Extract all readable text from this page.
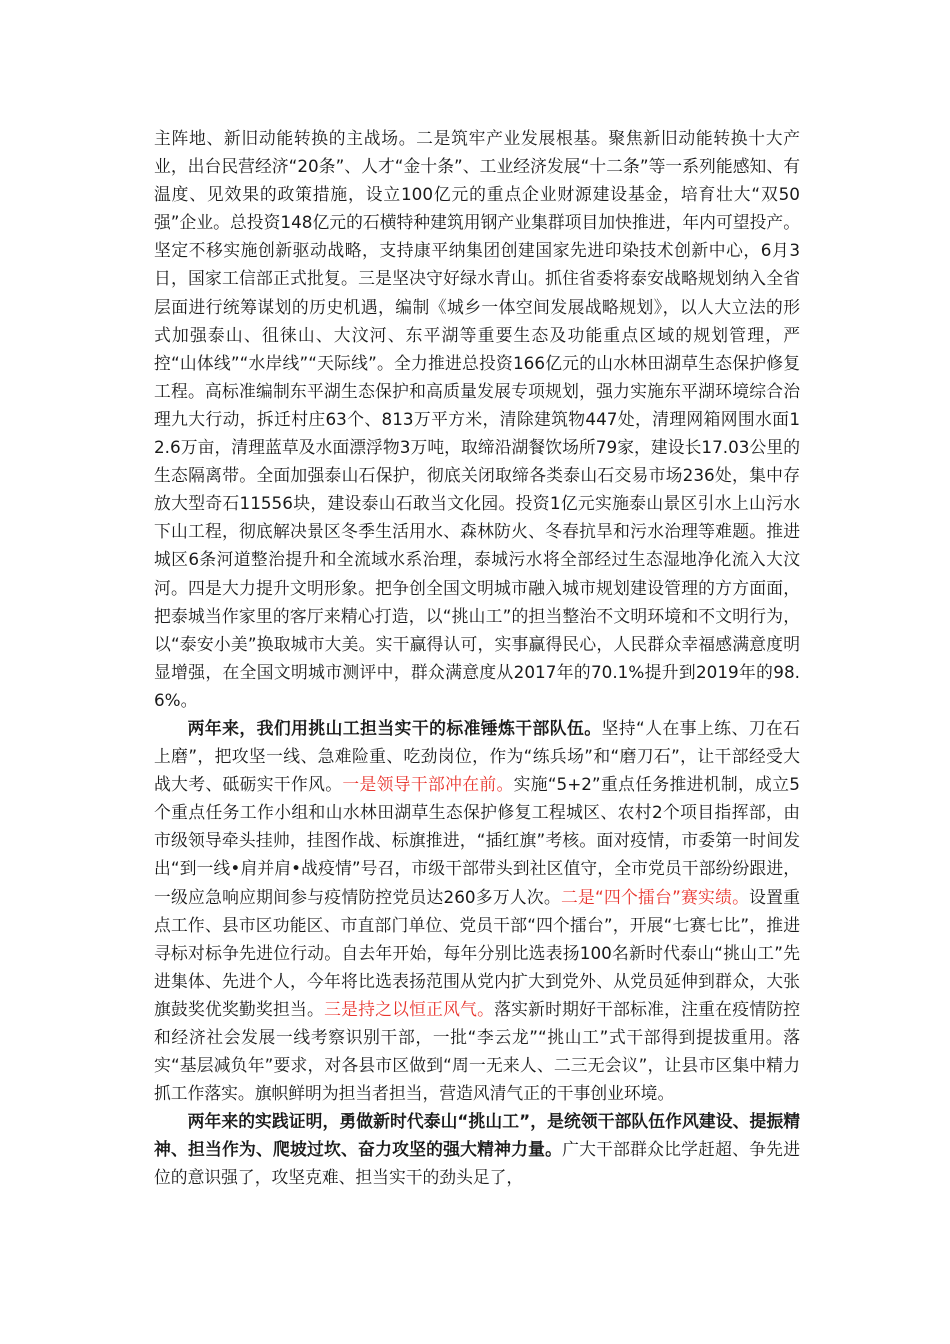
主阵地、新旧动能转换的主战场。二是筑牢产业发展根基。聚焦新旧动能转换十大产业，出台民营经济“20条”、人才“金十条”、工业经济发展“十二条”等一系列能感知、有温度、见效果的政策措施，设立100亿元的重点企业财源建设基金，培育壮大“双50强”企业。总投资148亿元的石横特种建筑用钢产业集群项目加快推进，年内可望投产。坚定不移实施创新驱动战略，支持康平纳集团创建国家先进印染技术创新中心，6月3日，国家工信部正式批复。三是坚决守好绿水青山。抓住省委将泰安战略规划纳入全省层面进行统筹谋划的历史机遇，编制《城乡一体空间发展战略规划》，以人大立法的形式加强泰山、徂徕山、大汶河、东平湖等重要生态及功能重点区域的规划管理，严控“山体线”“水岸线”“天际线”。全力推进总投资166亿元的山水林田湖草生态保护修复工程。高标准编制东平湖生态保护和高质量发展专项规划，强力实施东平湖环境综合治理九大行动，拆迁村庄63个、813万平方米，清除建筑物447处，清理网箱网围水面12.6万亩，清理蓝草及水面漂浮物3万吨，取缔沿湖餐饮场所79家，建设长17.03公里的生态隔离带。全面加强泰山石保护，彻底关闭取缔各类泰山石交易市场236处，集中存放大型奇石11556块，建设泰山石敢当文化园。投资1亿元实施泰山景区引水上山污水下山工程，彻底解决景区冬季生活用水、森林防火、冬春抗旱和污水治理等难题。推进城区6条河道整治提升和全流域水系治理，泰城污水将全部经过生态湿地净化流入大汶河。四是大力提升文明形象。把争创全国文明城市融入城市规划建设管理的方方面面，把泰城当作家里的客厅来精心打造，以“挑山工”的担当整治不文明环境和不文明行为，以“泰安小美”换取城市大美。实干赢得认可，实事赢得民心，人民群众幸福感满意度明显增强，在全国文明城市测评中，群众满意度从2017年的70.1%提升到2019年的98.6%。

两年来，我们用挑山工担当实干的标准锤炼干部队伍。坚持“人在事上练、刀在石上磨”，把攻坚一线、急难险重、吃劲岗位，作为“练兵场”和“磨刀石”，让干部经受大战大考、砥砺实干作风。一是领导干部冲在前。实施“5+2”重点任务推进机制，成立5个重点任务工作小组和山水林田湖草生态保护修复工程城区、农村2个项目指挥部，由市级领导牵头挂帅，挂图作战、标旗推进，“插红旗”考核。面对疫情，市委第一时间发出“到一线•肩并肩•战疫情”号召，市级干部带头到社区值守，全市党员干部纷纷跟进，一级应急响应期间参与疫情防控党员达260多万人次。二是“四个擂台”赛实绩。设置重点工作、县市区功能区、市直部门单位、党员干部“四个擂台”，开展“七赛七比”，推进寻标对标争先进位行动。自去年开始，每年分别比选表扬100名新时代泰山“挑山工”先进集体、先进个人，今年将比选表扬范围从党内扩大到党外、从党员延伸到群众，大张旗鼓奖优奖勤奖担当。三是持之以恒正风气。落实新时期好干部标准，注重在疫情防控和经济社会发展一线考察识别干部，一批“李云龙”“挑山工”式干部得到提拔重用。落实“基层减负年”要求，对各县市区做到“周一无来人、二三无会议”，让县市区集中精力抓工作落实。旗帜鲜明为担当者担当，营造风清气正的干事创业环境。

两年来的实践证明，勇做新时代泰山“挑山工”，是统领干部队伍作风建设、提振精神、担当作为、爬坡过坎、奋力攻坚的强大精神力量。广大干部群众比学赶超、争先进位的意识强了，攻坚克难、担当实干的劲头足了，
